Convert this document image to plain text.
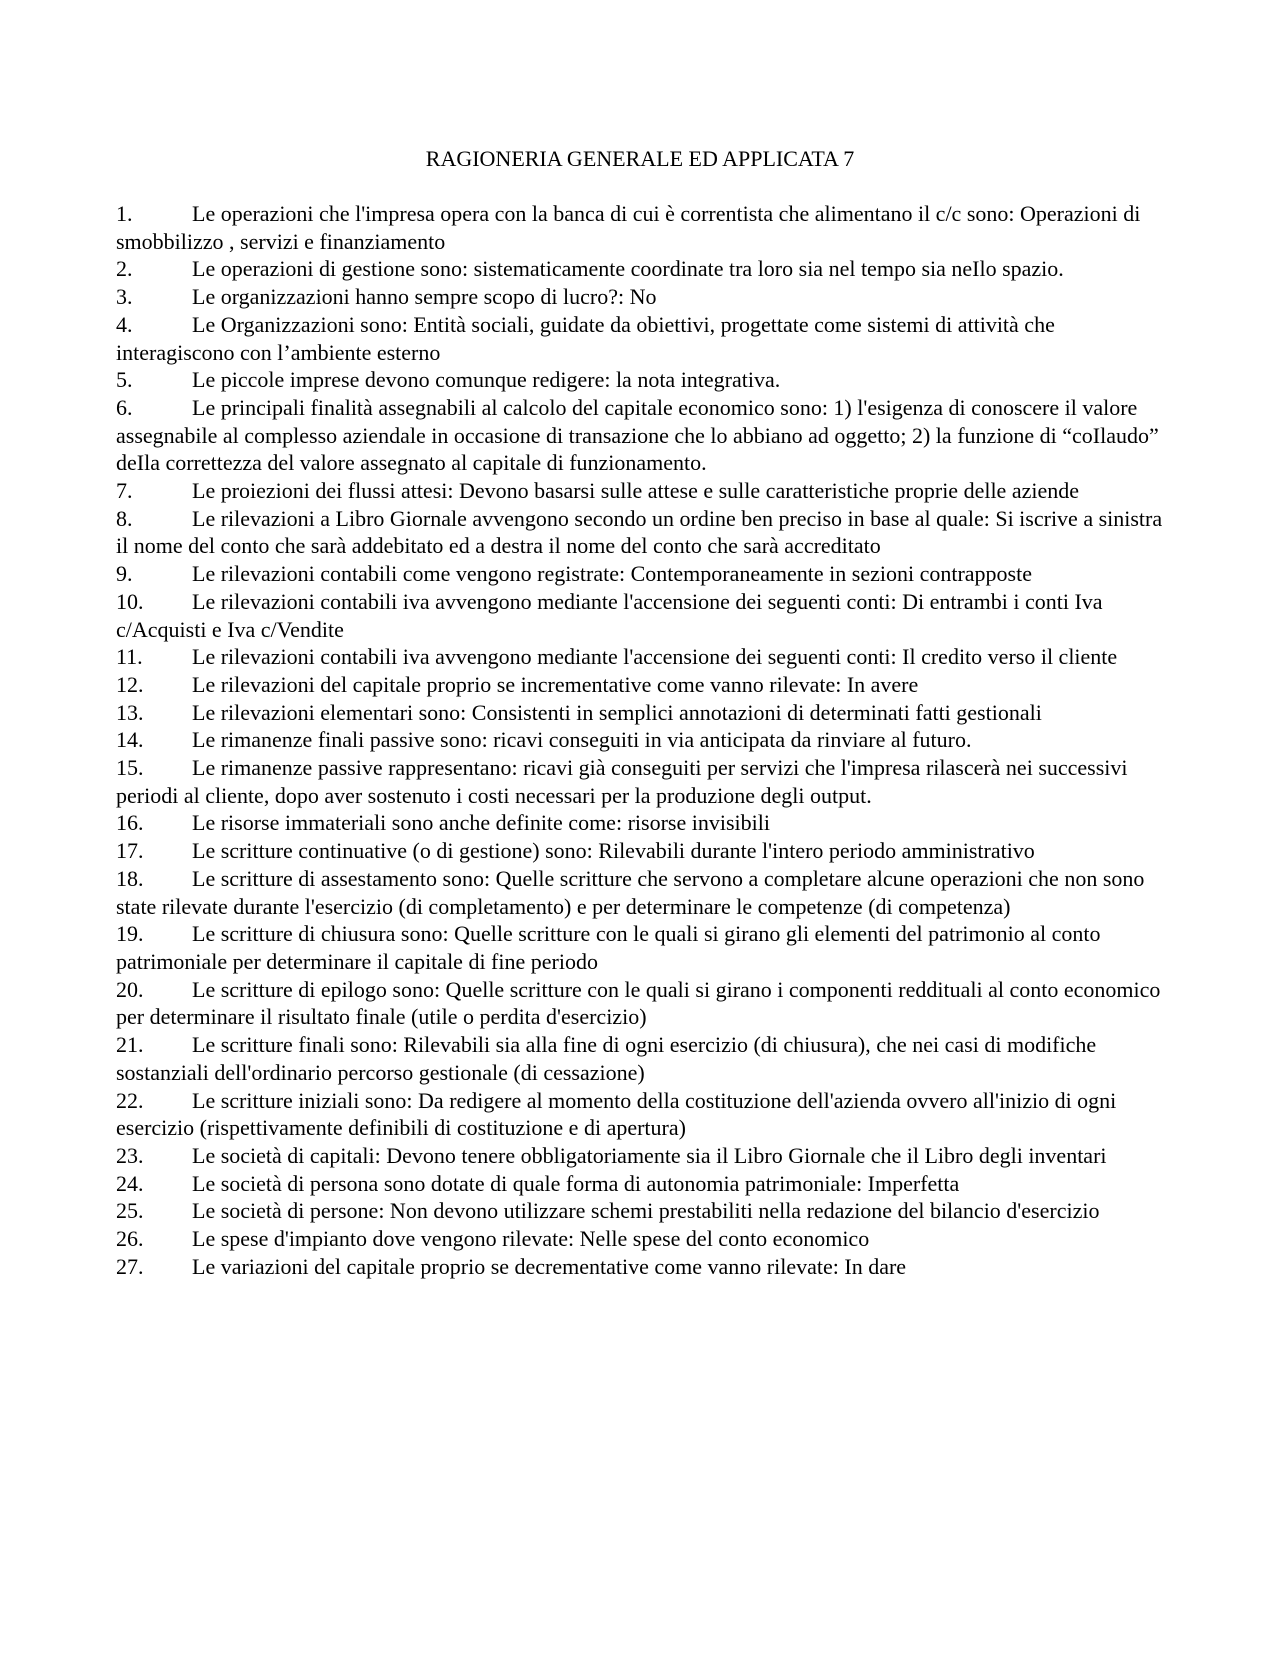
RAGIONERIA GENERALE ED APPLICATA 7
1.	Le operazioni che l'impresa opera con la banca di cui è correntista che alimentano il c/c sono: Operazioni di smobbilizzo , servizi e finanziamento
2.	Le operazioni di gestione sono: sistematicamente coordinate tra loro sia nel tempo sia neIlo spazio.
3.	Le organizzazioni hanno sempre scopo di lucro?: No
4.	Le Organizzazioni sono: Entità sociali, guidate da obiettivi, progettate come sistemi di attività che interagiscono con l’ambiente esterno
5.	Le piccole imprese devono comunque redigere: la nota integrativa.
6.	Le principali finalità assegnabili al calcolo del capitale economico sono: 1) l'esigenza di conoscere il valore assegnabile al complesso aziendale in occasione di transazione che lo abbiano ad oggetto; 2) la funzione di “coIlaudo” deIla correttezza del valore assegnato al capitale di funzionamento.
7.	Le proiezioni dei flussi attesi: Devono basarsi sulle attese e sulle caratteristiche proprie delle aziende
8.	Le rilevazioni a Libro Giornale avvengono secondo un ordine ben preciso in base al quale: Si iscrive a sinistra il nome del conto che sarà addebitato ed a destra il nome del conto che sarà accreditato
9.	Le rilevazioni contabili come vengono registrate: Contemporaneamente in sezioni contrapposte
10. Le rilevazioni contabili iva avvengono mediante l'accensione dei seguenti conti: Di entrambi i conti Iva c/Acquisti e Iva c/Vendite
11. Le rilevazioni contabili iva avvengono mediante l'accensione dei seguenti conti: Il credito verso il cliente
12. Le rilevazioni del capitale proprio se incrementative come vanno rilevate: In avere
13. Le rilevazioni elementari sono: Consistenti in semplici annotazioni di determinati fatti gestionali
14. Le rimanenze finali passive sono: ricavi conseguiti in via anticipata da rinviare al futuro.
15. Le rimanenze passive rappresentano: ricavi già conseguiti per servizi che l'impresa rilascerà nei successivi periodi al cliente, dopo aver sostenuto i costi necessari per la produzione degli output.
16. Le risorse immateriali sono anche definite come: risorse invisibili
17. Le scritture continuative (o di gestione) sono: Rilevabili durante l'intero periodo amministrativo
18. Le scritture di assestamento sono: Quelle scritture che servono a completare alcune operazioni che non sono state rilevate durante l'esercizio (di completamento) e per determinare le competenze (di competenza)
19. Le scritture di chiusura sono: Quelle scritture con le quali si girano gli elementi del patrimonio al conto patrimoniale per determinare il capitale di fine periodo
20. Le scritture di epilogo sono: Quelle scritture con le quali si girano i componenti reddituali al conto economico per determinare il risultato finale (utile o perdita d'esercizio)
21. Le scritture finali sono: Rilevabili sia alla fine di ogni esercizio (di chiusura), che nei casi di modifiche sostanziali dell'ordinario percorso gestionale (di cessazione)
22. Le scritture iniziali sono: Da redigere al momento della costituzione dell'azienda ovvero all'inizio di ogni esercizio (rispettivamente definibili di costituzione e di apertura)
23. Le società di capitali: Devono tenere obbligatoriamente sia il Libro Giornale che il Libro degli inventari
24. Le società di persona sono dotate di quale forma di autonomia patrimoniale: Imperfetta
25. Le società di persone: Non devono utilizzare schemi prestabiliti nella redazione del bilancio d'esercizio
26. Le spese d'impianto dove vengono rilevate: Nelle spese del conto economico
27. Le variazioni del capitale proprio se decrementative come vanno rilevate: In dare
